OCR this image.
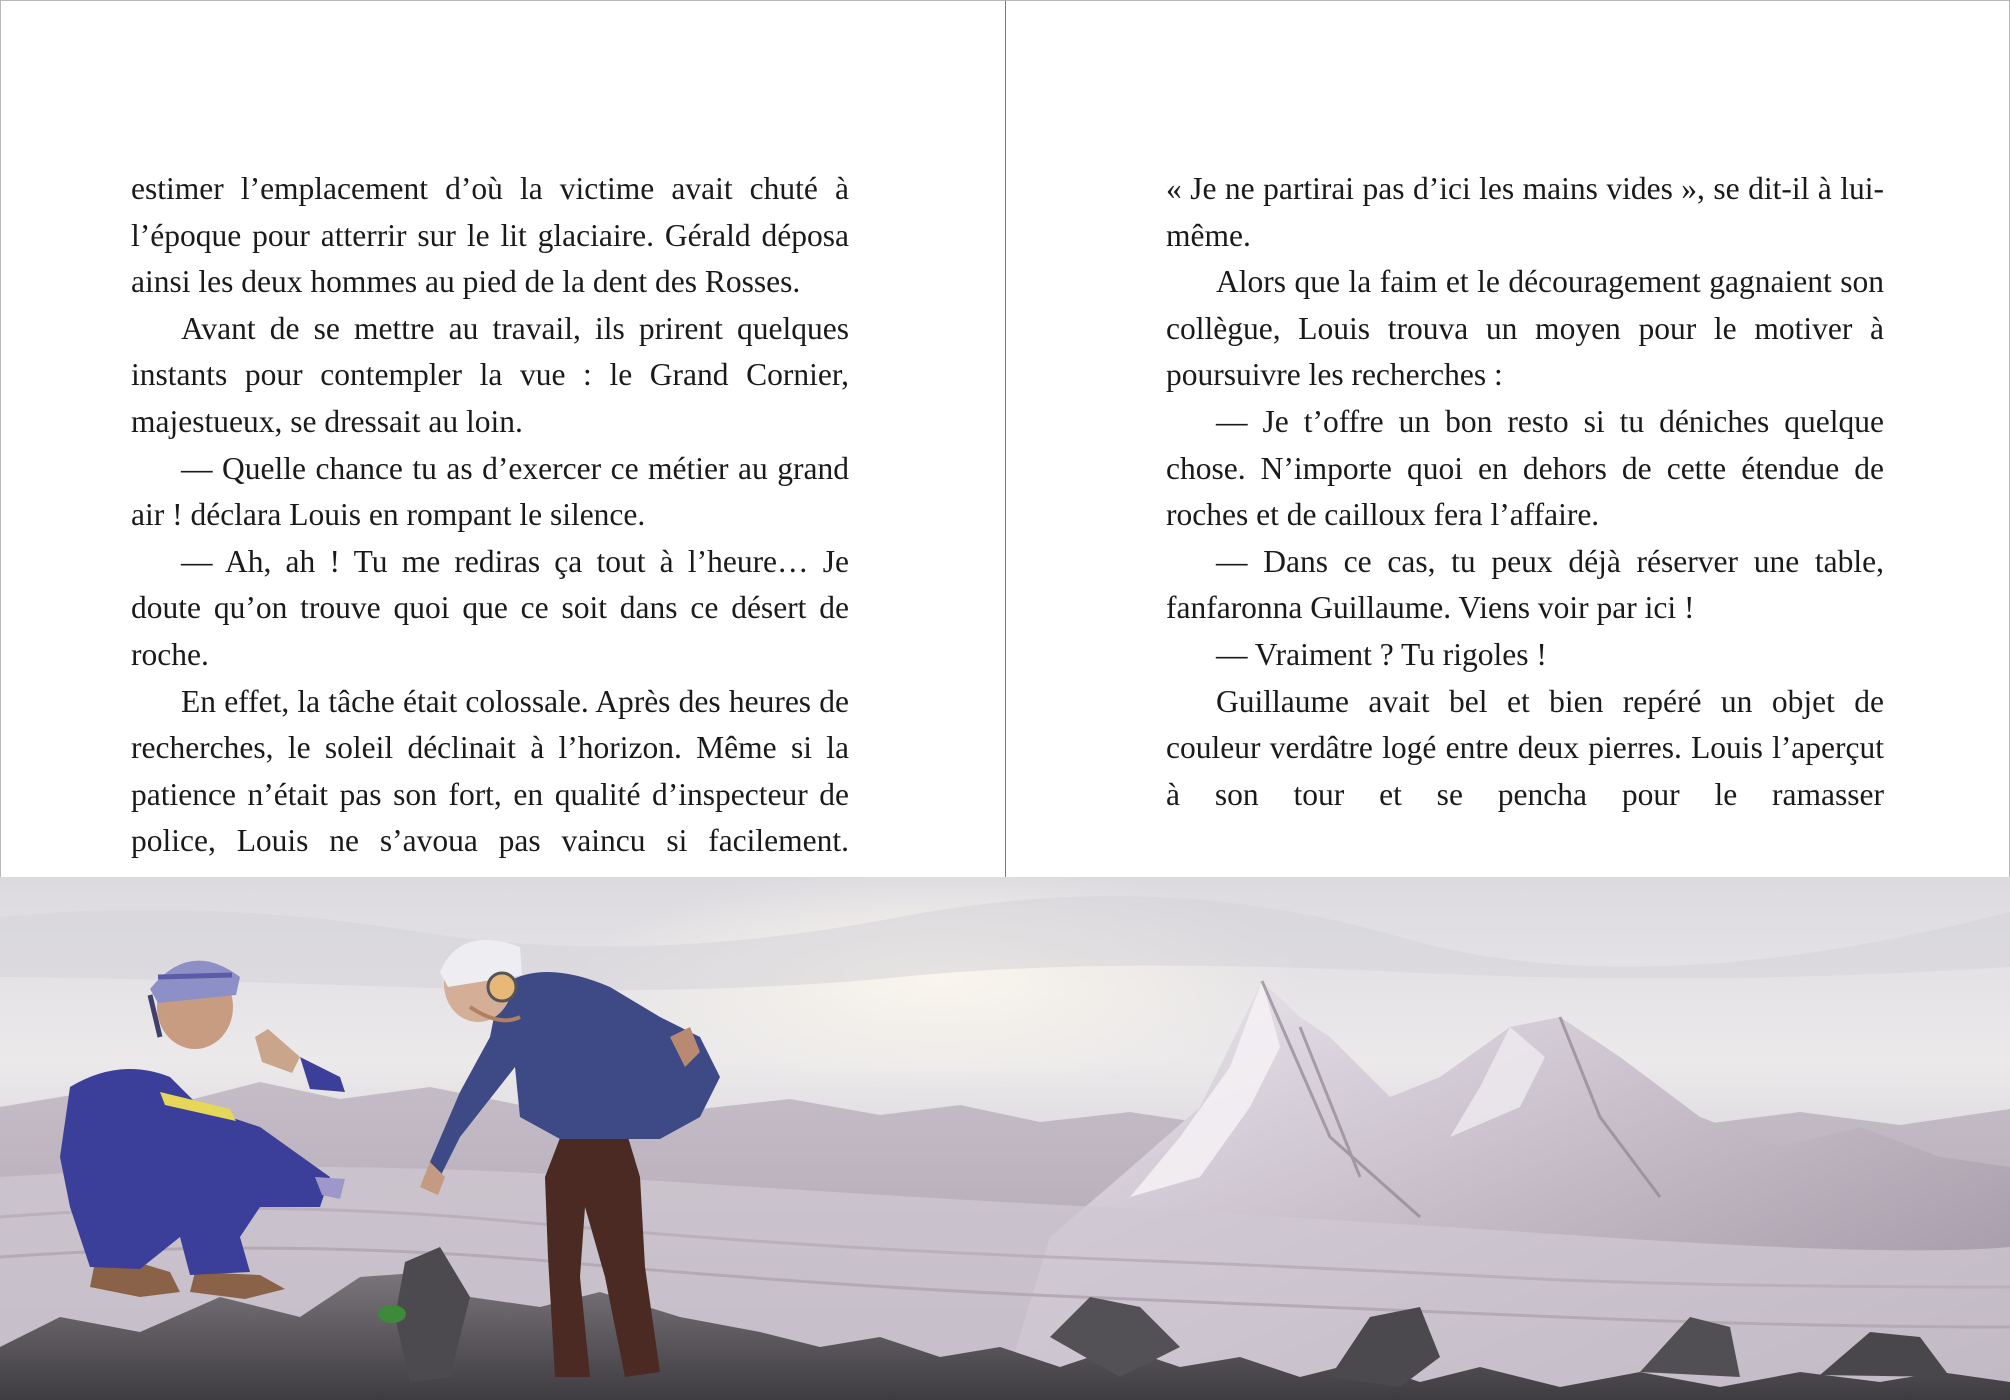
estimer l’emplacement d’où la victime avait chuté à l’époque pour atterrir sur le lit glaciaire. Gérald déposa ainsi les deux hommes au pied de la dent des Rosses.

Avant de se mettre au travail, ils prirent quelques instants pour contempler la vue : le Grand Cornier, majestueux, se dressait au loin.

— Quelle chance tu as d’exercer ce métier au grand air ! déclara Louis en rompant le silence.

— Ah, ah ! Tu me rediras ça tout à l’heure… Je doute qu’on trouve quoi que ce soit dans ce désert de roche.

En effet, la tâche était colossale. Après des heures de recherches, le soleil déclinait à l’horizon. Même si la patience n’était pas son fort, en qualité d’inspecteur de police, Louis ne s’avoua pas vaincu si facilement.

« Je ne partirai pas d’ici les mains vides », se dit-il à lui-même.

Alors que la faim et le découragement gagnaient son collègue, Louis trouva un moyen pour le motiver à poursuivre les recherches :

— Je t’offre un bon resto si tu déniches quelque chose. N’importe quoi en dehors de cette étendue de roches et de cailloux fera l’affaire.

— Dans ce cas, tu peux déjà réserver une table, fanfaronna Guillaume. Viens voir par ici !

— Vraiment ? Tu rigoles !

Guillaume avait bel et bien repéré un objet de couleur verdâtre logé entre deux pierres. Louis l’aperçut à son tour et se pencha pour le ramasser
